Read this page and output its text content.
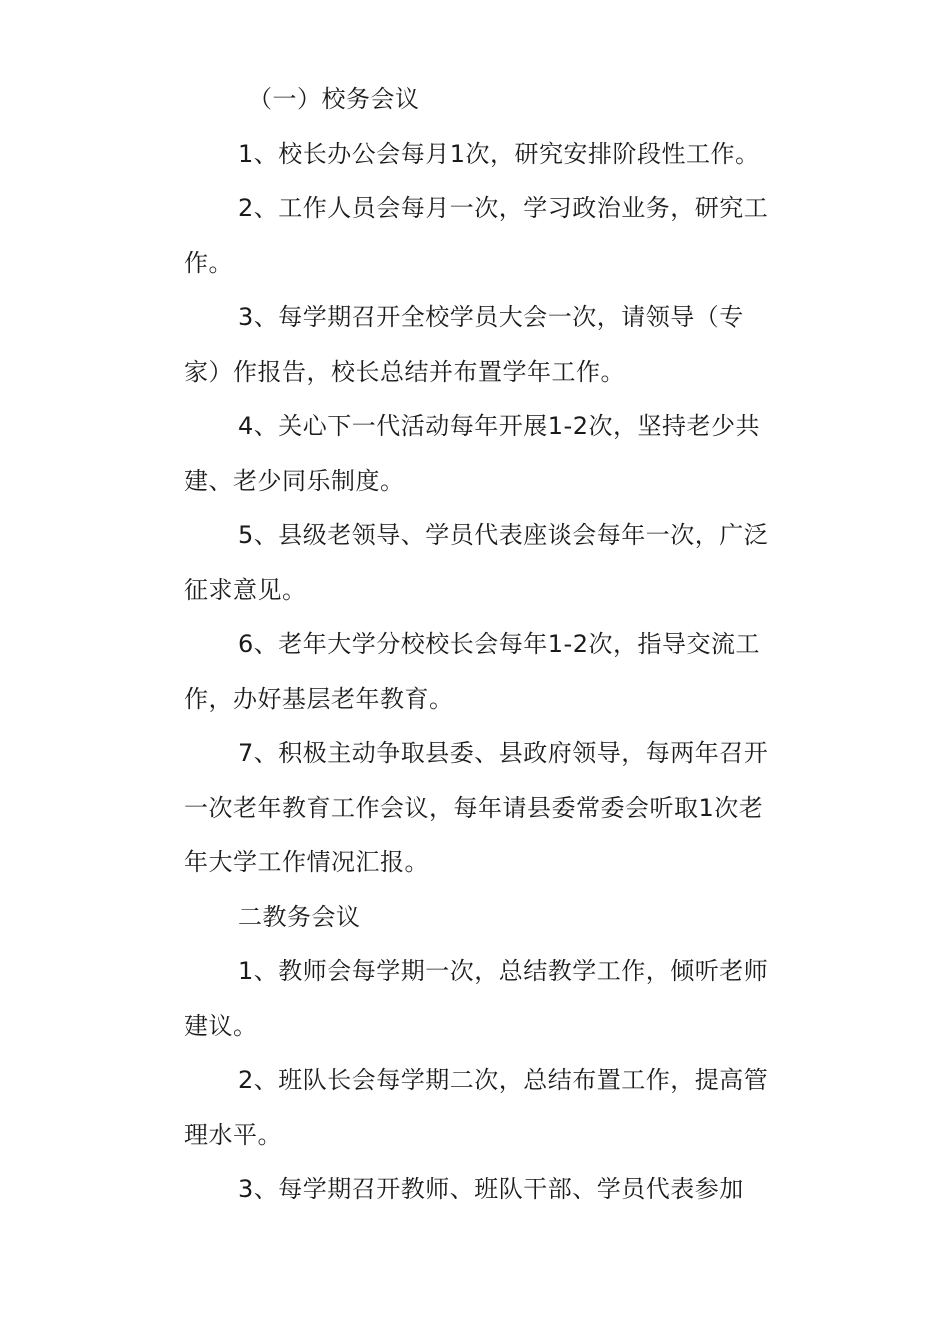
（一）校务会议

1、校长办公会每月1次，研究安排阶段性工作。

2、工作人员会每月一次，学习政治业务，研究工作。

3、每学期召开全校学员大会一次，请领导（专家）作报告，校长总结并布置学年工作。

4、关心下一代活动每年开展1-2次，坚持老少共建、老少同乐制度。

5、县级老领导、学员代表座谈会每年一次，广泛征求意见。

6、老年大学分校校长会每年1-2次，指导交流工作，办好基层老年教育。

7、积极主动争取县委、县政府领导，每两年召开一次老年教育工作会议，每年请县委常委会听取1次老年大学工作情况汇报。

二教务会议

1、教师会每学期一次，总结教学工作，倾听老师建议。

2、班队长会每学期二次，总结布置工作，提高管理水平。

3、每学期召开教师、班队干部、学员代表参加
